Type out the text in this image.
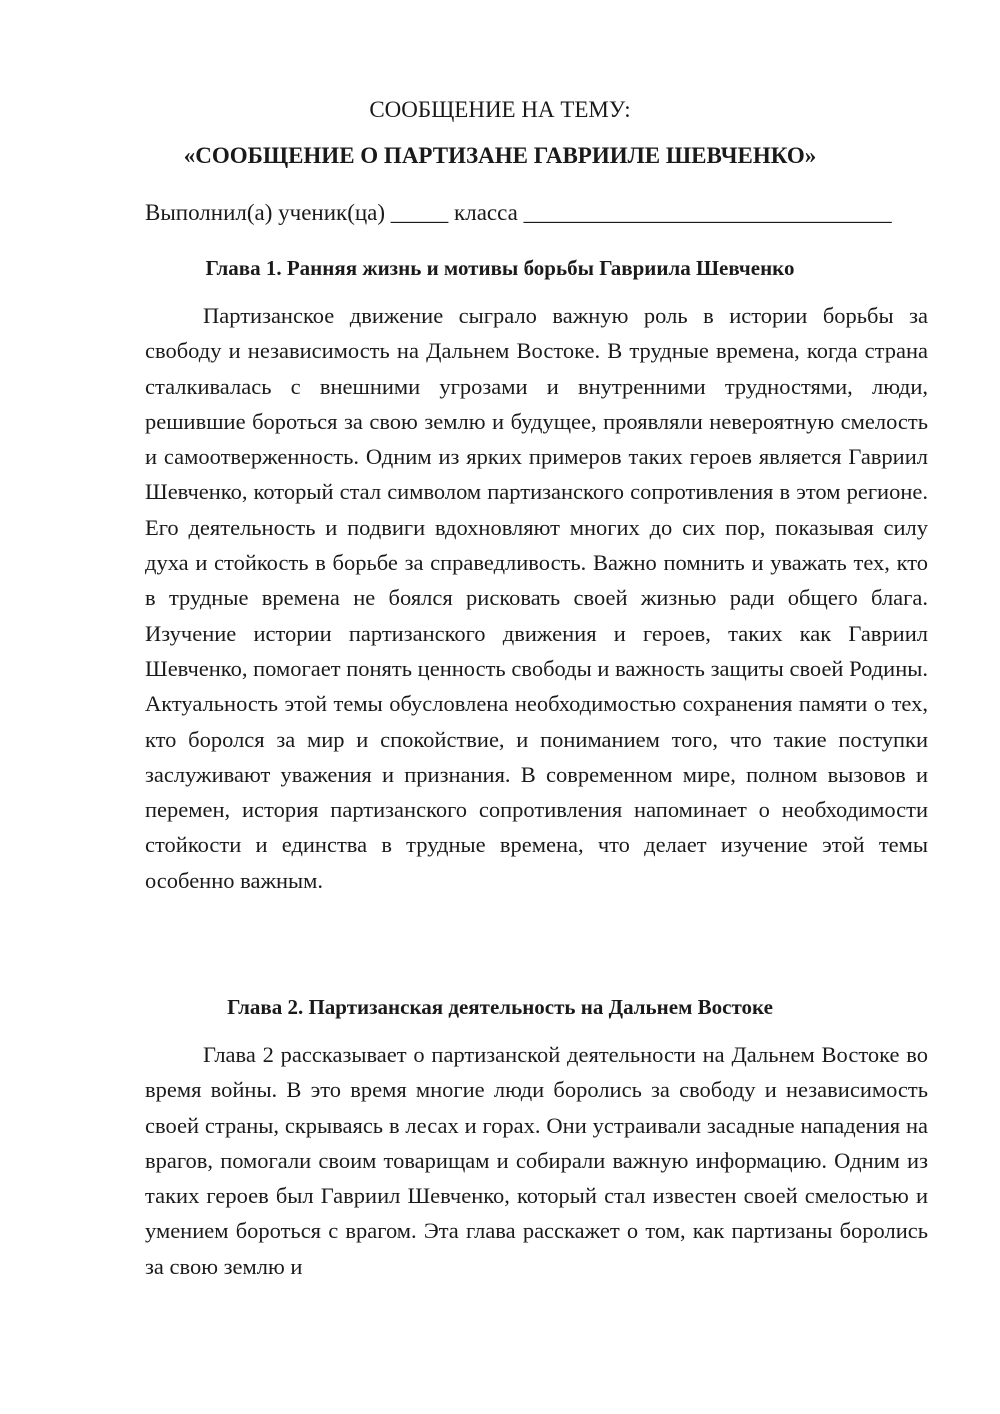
СООБЩЕНИЕ НА ТЕМУ:
«СООБЩЕНИЕ О ПАРТИЗАНЕ ГАВРИИЛЕ ШЕВЧЕНКО»
Выполнил(а) ученик(ца) _____ класса ________________________________
Глава 1. Ранняя жизнь и мотивы борьбы Гавриила Шевченко

Партизанское движение сыграло важную роль в истории борьбы за свободу и независимость на Дальнем Востоке. В трудные времена, когда страна сталкивалась с внешними угрозами и внутренними трудностями, люди, решившие бороться за свою землю и будущее, проявляли невероятную смелость и самоотверженность. Одним из ярких примеров таких героев является Гавриил Шевченко, который стал символом партизанского сопротивления в этом регионе. Его деятельность и подвиги вдохновляют многих до сих пор, показывая силу духа и стойкость в борьбе за справедливость. Важно помнить и уважать тех, кто в трудные времена не боялся рисковать своей жизнью ради общего блага. Изучение истории партизанского движения и героев, таких как Гавриил Шевченко, помогает понять ценность свободы и важность защиты своей Родины. Актуальность этой темы обусловлена необходимостью сохранения памяти о тех, кто боролся за мир и спокойствие, и пониманием того, что такие поступки заслуживают уважения и признания. В современном мире, полном вызовов и перемен, история партизанского сопротивления напоминает о необходимости стойкости и единства в трудные времена, что делает изучение этой темы особенно важным.

Глава 2. Партизанская деятельность на Дальнем Востоке

Глава 2 рассказывает о партизанской деятельности на Дальнем Востоке во время войны. В это время многие люди боролись за свободу и независимость своей страны, скрываясь в лесах и горах. Они устраивали засадные нападения на врагов, помогали своим товарищам и собирали важную информацию. Одним из таких героев был Гавриил Шевченко, который стал известен своей смелостью и умением бороться с врагом. Эта глава расскажет о том, как партизаны боролись за свою землю и
